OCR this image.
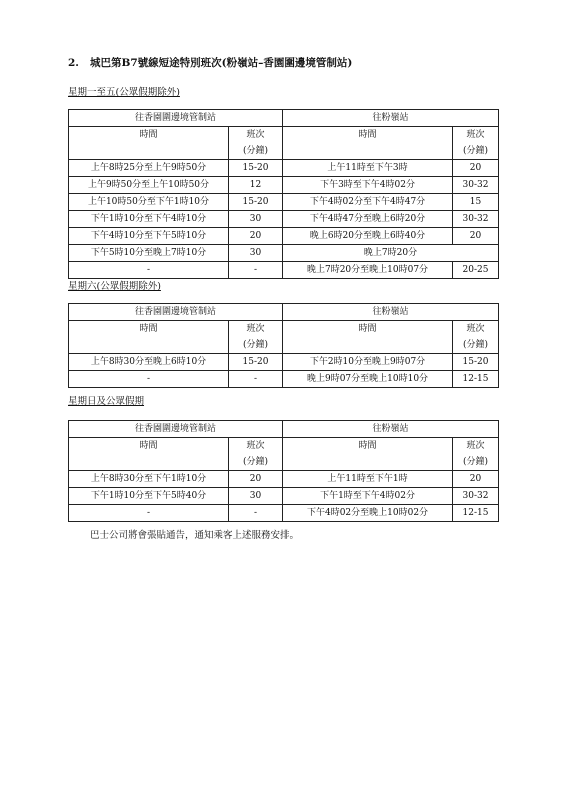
2. 城巴第B7號線短途特別班次(粉嶺站–香園圍邊境管制站)
星期一至五(公眾假期除外)
往香園圍邊境管制站		往粉嶺站	
時間	班次	時間	班次
	(分鐘)		(分鐘)
上午8時25分至上午9時50分	15-20	上午11時至下午3時	20
上午9時50分至上午10時50分	12	下午3時至下午4時02分	30-32
上午10時50分至下午1時10分	15-20	下午4時02分至下午4時47分	15
下午1時10分至下午4時10分	30	下午4時47分至晚上6時20分	30-32
下午4時10分至下午5時10分	20	晚上6時20分至晚上6時40分	20
下午5時10分至晚上7時10分	30	晚上7時20分	
-	-	晚上7時20分至晚上10時07分	20-25
星期六(公眾假期除外)
往香園圍邊境管制站		往粉嶺站	
時間	班次	時間	班次
	(分鐘)		(分鐘)
上午8時30分至晚上6時10分	15-20	下午2時10分至晚上9時07分	15-20
-	-	晚上9時07分至晚上10時10分	12-15
星期日及公眾假期
往香園圍邊境管制站		往粉嶺站	
時間	班次	時間	班次
	(分鐘)		(分鐘)
上午8時30分至下午1時10分	20	上午11時至下午1時	20
下午1時10分至下午5時40分	30	下午1時至下午4時02分	30-32
-	-	下午4時02分至晚上10時02分	12-15
巴士公司將會張貼通告，通知乘客上述服務安排。
